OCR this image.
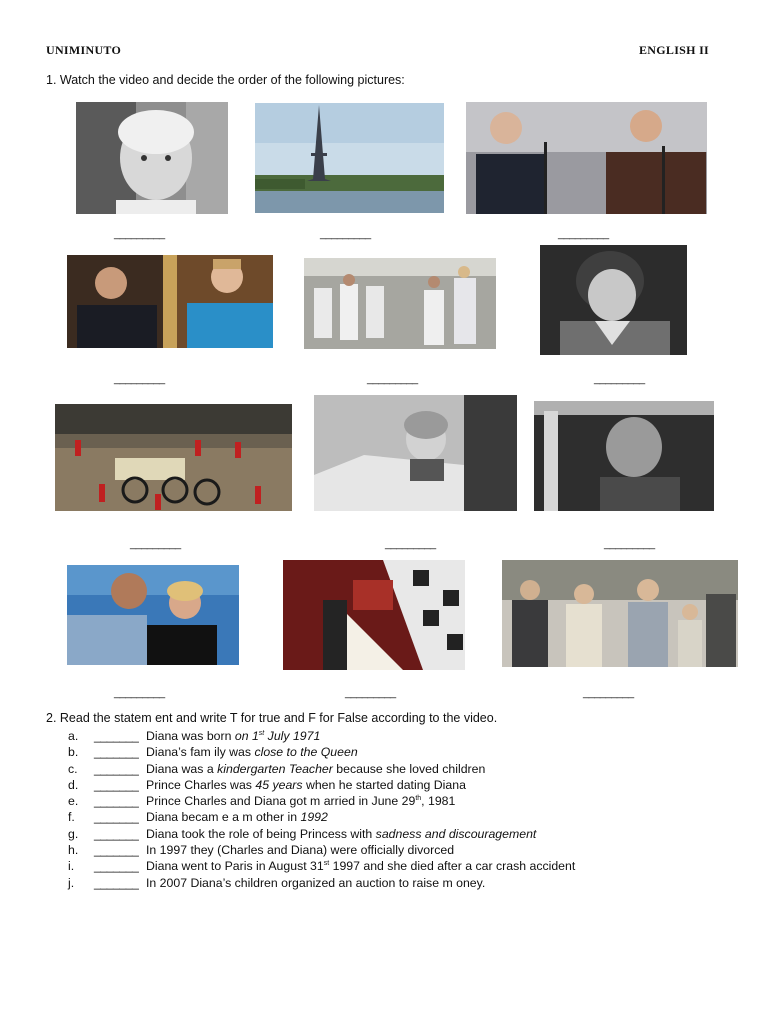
UNIMINUTO	ENGLISH II
1. Watch the video and decide the order of the following pictures:
_________	_________	_________
_________	_________	_________
_________	_________	_________
_________	_________	_________
2. Read the statem ent and write T for true and F for False according to the video.
a.	_______ Diana was born on 1st July 1971
b.	_______ Diana’s fam ily was close to the Queen
c.	_______ Diana was a kindergarten Teacher because she loved children
d.	_______ Prince Charles was 45 years when he started dating Diana
e.	_______ Prince Charles and Diana got m arried in June 29th, 1981
f.	_______ Diana becam e a m other in 1992
g.	_______ Diana took the role of being Princess with sadness and discouragement
h.	_______ In 1997 they (Charles and Diana) were officially divorced
i.	_______ Diana went to Paris in August 31st 1997 and she died after a car crash accident
j.	_______ In 2007 Diana’s children organized an auction to raise m oney.
